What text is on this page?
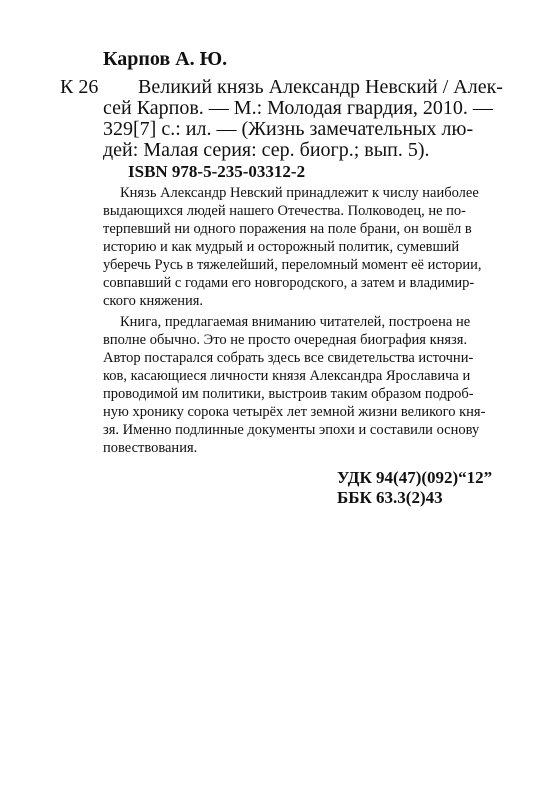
Карпов А. Ю.
К 26 Великий князь Александр Невский / Алек-
сей Карпов. — М.: Молодая гвардия, 2010. —
329[7] с.: ил. — (Жизнь замечательных лю-
дей: Малая серия: сер. биогр.; вып. 5).
ISBN 978-5-235-03312-2
Князь Александр Невский принадлежит к числу наиболее
выдающихся людей нашего Отечества. Полководец, не по-
терпевший ни одного поражения на поле брани, он вошёл в
историю и как мудрый и осторожный политик, сумевший
уберечь Русь в тяжелейший, переломный момент её истории,
совпавший с годами его новгородского, а затем и владимир-
ского княжения.
Книга, предлагаемая вниманию читателей, построена не
вполне обычно. Это не просто очередная биография князя.
Автор постарался собрать здесь все свидетельства источни-
ков, касающиеся личности князя Александра Ярославича и
проводимой им политики, выстроив таким образом подроб-
ную хронику сорока четырёх лет земной жизни великого кня-
зя. Именно подлинные документы эпохи и составили основу
повествования.
УДК 94(47)(092)“12”
ББК 63.3(2)43
